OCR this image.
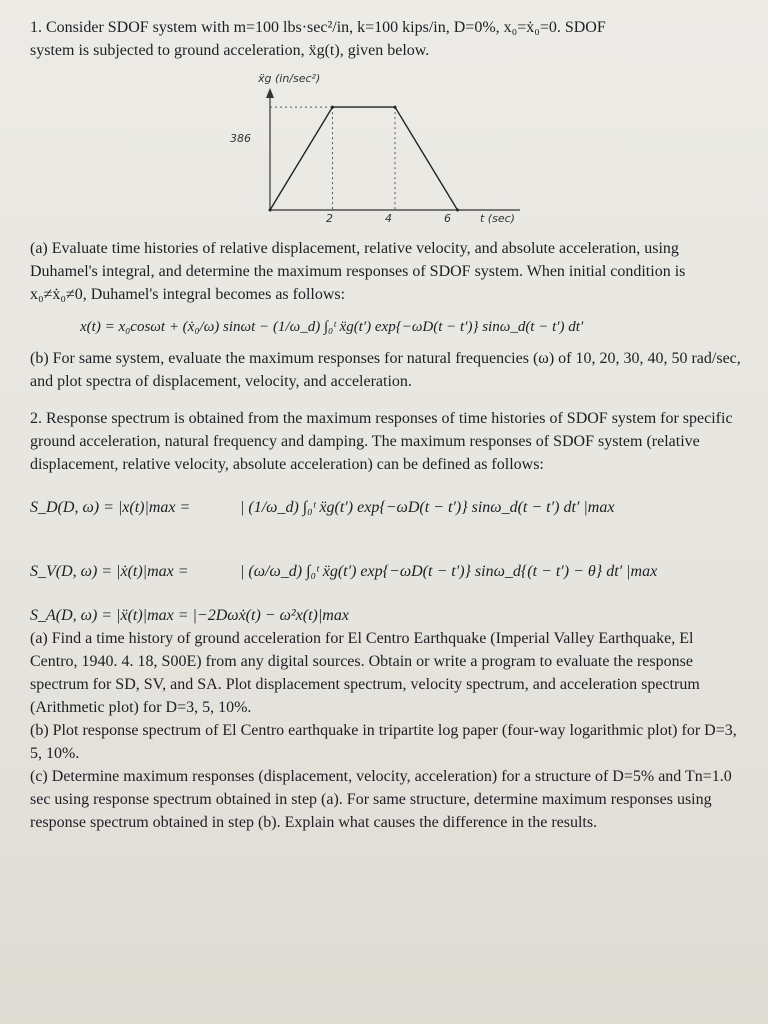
1. Consider SDOF system with m=100 lbs·sec²/in, k=100 kips/in, D=0%, x₀=ẋ₀=0. SDOF

system is subjected to ground acceleration, ẍg(t), given below.

ẍg (in/sec²)
386
2	4	6	t (sec)

(a) Evaluate time histories of relative displacement, relative velocity, and absolute acceleration, using Duhamel's integral, and determine the maximum responses of SDOF system. When initial condition is x₀≠ẋ₀≠0, Duhamel's integral becomes as follows:

x(t) = x₀cosωt + (ẋ₀/ω) sinωt − (1/ω_d) ∫₀ᵗ ẍg(t′) exp{−ωD(t − t′)} sinω_d(t − t′) dt′

(b) For same system, evaluate the maximum responses for natural frequencies (ω) of 10, 20, 30, 40, 50 rad/sec, and plot spectra of displacement, velocity, and acceleration.

2. Response spectrum is obtained from the maximum responses of time histories of SDOF system for specific ground acceleration, natural frequency and damping. The maximum responses of SDOF system (relative displacement, relative velocity, absolute acceleration) can be defined as follows:

S_D(D, ω) = |x(t)|max =	| (1/ω_d) ∫₀ᵗ ẍg(t′) exp{−ωD(t − t′)} sinω_d(t − t′) dt′ |max
S_V(D, ω) = |ẋ(t)|max =	| (ω/ω_d) ∫₀ᵗ ẍg(t′) exp{−ωD(t − t′)} sinω_d{(t − t′) − θ} dt′ |max

S_A(D, ω) = |ẍ(t)|max = |−2Dωẋ(t) − ω²x(t)|max

(a) Find a time history of ground acceleration for El Centro Earthquake (Imperial Valley Earthquake, El Centro, 1940. 4. 18, S00E) from any digital sources. Obtain or write a program to evaluate the response spectrum for SD, SV, and SA. Plot displacement spectrum, velocity spectrum, and acceleration spectrum (Arithmetic plot) for D=3, 5, 10%.

(b) Plot response spectrum of El Centro earthquake in tripartite log paper (four-way logarithmic plot) for D=3, 5, 10%.

(c) Determine maximum responses (displacement, velocity, acceleration) for a structure of D=5% and Tn=1.0 sec using response spectrum obtained in step (a). For same structure, determine maximum responses using response spectrum obtained in step (b). Explain what causes the difference in the results.
